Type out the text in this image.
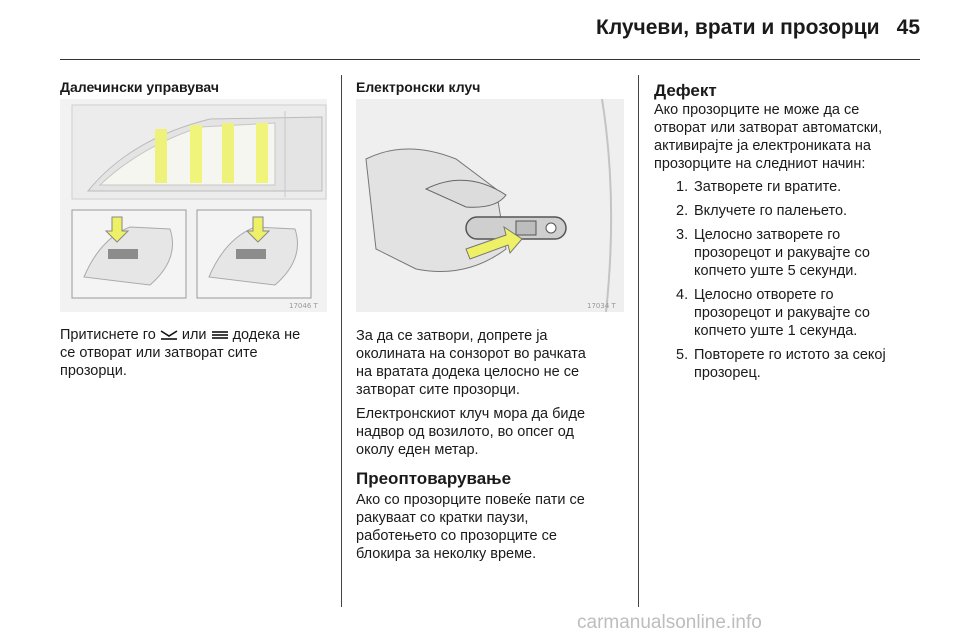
Клучеви, врати и прозорци 45
Далечински управувач
17046 T
Притиснете го или додека не
се отворат или затворат сите
прозорци.
Електронски клуч
17034 T
За да се затвори, допрете ја
околината на сонзорот во рачката
на вратата додека целосно не се
затворат сите прозорци.
Електронскиот клуч мора да биде
надвор од возилото, во опсег од
околу еден метар.
Преоптоварување
Ако со прозорците повеќе пати се
ракуваат со кратки паузи,
работењето со прозорците се
блокира за неколку време.
Дефект
Ако прозорците не може да се
отворат или затворат автоматски,
активирајте ја електрониката на
прозорците на следниот начин:
1. Затворете ги вратите.
2. Вклучете го палењето.
3. Целосно затворете го
прозорецот и ракувајте со
копчето уште 5 секунди.
4. Целосно отворете го
прозорецот и ракувајте со
копчето уште 1 секунда.
5. Повторете го истото за секој
прозорец.
carmanualsonline.info
